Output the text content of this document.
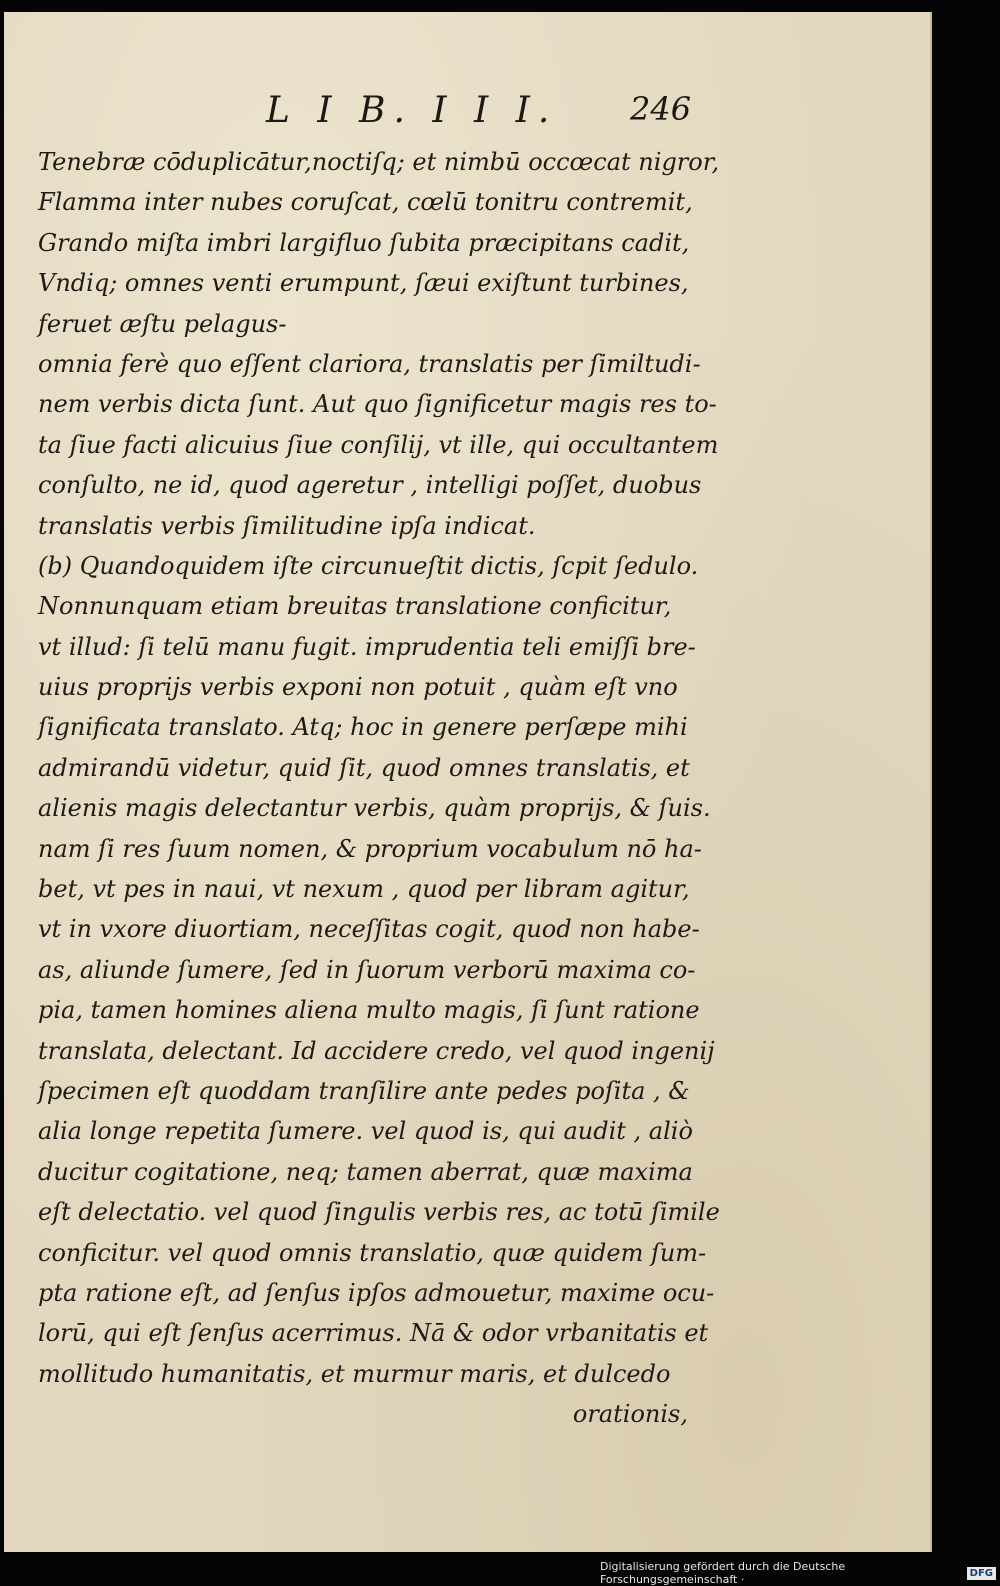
L I B. I I I. 246
Tenebræ cōduplicātur,noctiſq; et nimbū occœcat nigror,
Flamma inter nubes coruſcat, cœlū tonitru contremit,
Grando miſta imbri largifluo ſubita præcipitans cadit,
Vndiq; omnes venti erumpunt, ſæui exiſtunt turbines,
feruet æſtu pelagus-
omnia ferè quo eſſent clariora, translatis per ſimiltudi-
nem verbis dicta ſunt. Aut quo ſignificetur magis res to-
ta ſiue facti alicuius ſiue conſilij, vt ille, qui occultantem
conſulto, ne id, quod ageretur , intelligi poſſet, duobus
translatis verbis ſimilitudine ipſa indicat.
(b) Quandoquidem iſte circunueſtit dictis, ſcpit ſedulo.
Nonnunquam etiam breuitas translatione conficitur,
vt illud: ſi telū manu fugit. imprudentia teli emiſſi bre-
uius proprijs verbis exponi non potuit , quàm eſt vno
ſignificata translato. Atq; hoc in genere perſæpe mihi
admirandū videtur, quid ſit, quod omnes translatis, et
alienis magis delectantur verbis, quàm proprijs, & ſuis.
nam ſi res ſuum nomen, & proprium vocabulum nō ha-
bet, vt pes in naui, vt nexum , quod per libram agitur,
vt in vxore diuortiam, neceſſitas cogit, quod non habe-
as, aliunde ſumere, ſed in ſuorum verborū maxima co-
pia, tamen homines aliena multo magis, ſi ſunt ratione
translata, delectant. Id accidere credo, vel quod ingenij
ſpecimen eſt quoddam tranſilire ante pedes poſita , &
alia longe repetita ſumere. vel quod is, qui audit , aliò
ducitur cogitatione, neq; tamen aberrat, quæ maxima
eſt delectatio. vel quod ſingulis verbis res, ac totū ſimile
conficitur. vel quod omnis translatio, quæ quidem ſum-
pta ratione eſt, ad ſenſus ipſos admouetur, maxime ocu-
lorū, qui eſt ſenſus acerrimus. Nā & odor vrbanitatis et
mollitudo humanitatis, et murmur maris, et dulcedo
orationis,
Digitalisierung gefördert durch die Deutsche Forschungsgemeinschaft ·	DFG
